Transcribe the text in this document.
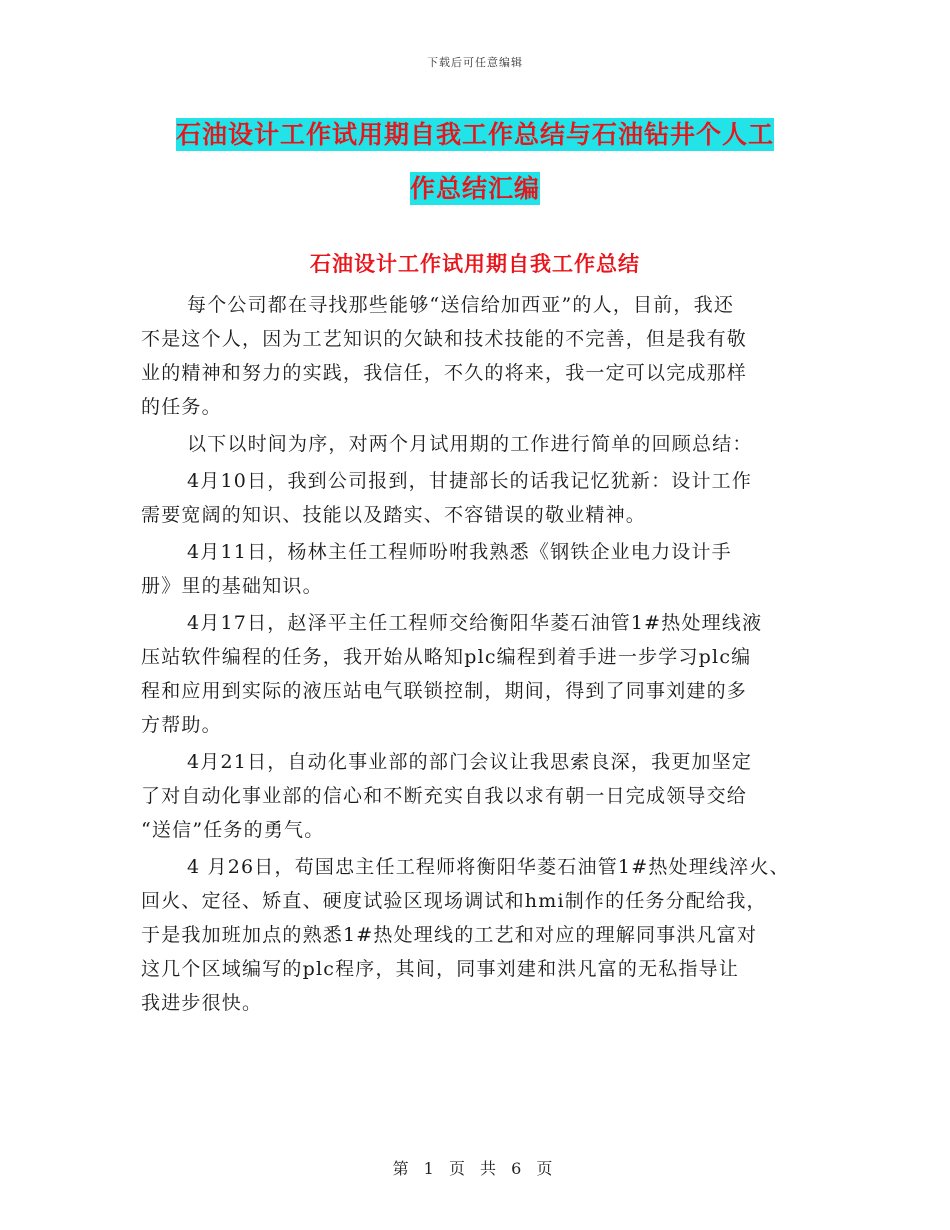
下载后可任意编辑
石油设计工作试用期自我工作总结与石油钻井个人工
作总结汇编
石油设计工作试用期自我工作总结

每个公司都在寻找那些能够“送信给加西亚”的人，目前，我还
不是这个人，因为工艺知识的欠缺和技术技能的不完善，但是我有敬
业的精神和努力的实践，我信任，不久的将来，我一定可以完成那样
的任务。

以下以时间为序，对两个月试用期的工作进行简单的回顾总结：

4月10日，我到公司报到，甘捷部长的话我记忆犹新：设计工作
需要宽阔的知识、技能以及踏实、不容错误的敬业精神。

4月11日，杨林主任工程师吩咐我熟悉《钢铁企业电力设计手
册》里的基础知识。

4月17日，赵泽平主任工程师交给衡阳华菱石油管1#热处理线液
压站软件编程的任务，我开始从略知plc编程到着手进一步学习plc编
程和应用到实际的液压站电气联锁控制，期间，得到了同事刘建的多
方帮助。

4月21日，自动化事业部的部门会议让我思索良深，我更加坚定
了对自动化事业部的信心和不断充实自我以求有朝一日完成领导交给
“送信”任务的勇气。

4 月26日，苟国忠主任工程师将衡阳华菱石油管1#热处理线淬火、
回火、定径、矫直、硬度试验区现场调试和hmi制作的任务分配给我，
于是我加班加点的熟悉1#热处理线的工艺和对应的理解同事洪凡富对
这几个区域编写的plc程序，其间，同事刘建和洪凡富的无私指导让
我进步很快。

第 1 页 共 6 页
